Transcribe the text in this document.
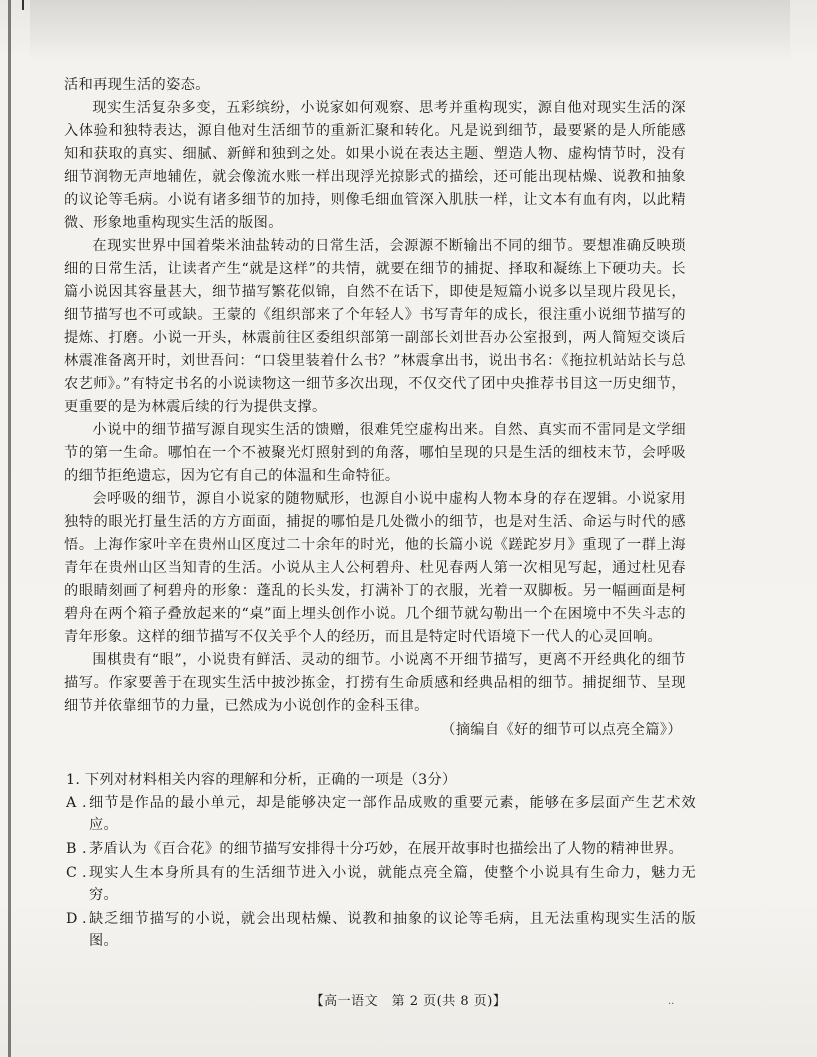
活和再现生活的姿态。

现实生活复杂多变，五彩缤纷，小说家如何观察、思考并重构现实，源自他对现实生活的深入体验和独特表达，源自他对生活细节的重新汇聚和转化。凡是说到细节，最要紧的是人所能感知和获取的真实、细腻、新鲜和独到之处。如果小说在表达主题、塑造人物、虚构情节时，没有细节润物无声地辅佐，就会像流水账一样出现浮光掠影式的描绘，还可能出现枯燥、说教和抽象的议论等毛病。小说有诸多细节的加持，则像毛细血管深入肌肤一样，让文本有血有肉，以此精微、形象地重构现实生活的版图。

在现实世界中国着柴米油盐转动的日常生活，会源源不断输出不同的细节。要想准确反映琐细的日常生活，让读者产生“就是这样”的共情，就要在细节的捕捉、择取和凝练上下硬功夫。长篇小说因其容量甚大，细节描写繁花似锦，自然不在话下，即使是短篇小说多以呈现片段见长，细节描写也不可或缺。王蒙的《组织部来了个年轻人》书写青年的成长，很注重小说细节描写的提炼、打磨。小说一开头，林震前往区委组织部第一副部长刘世吾办公室报到，两人简短交谈后林震准备离开时，刘世吾问：“口袋里装着什么书？”林震拿出书，说出书名：《拖拉机站站长与总农艺师》。”有特定书名的小说读物这一细节多次出现，不仅交代了团中央推荐书目这一历史细节，更重要的是为林震后续的行为提供支撑。

小说中的细节描写源自现实生活的馈赠，很难凭空虚构出来。自然、真实而不雷同是文学细节的第一生命。哪怕在一个不被聚光灯照射到的角落，哪怕呈现的只是生活的细枝末节，会呼吸的细节拒绝遗忘，因为它有自己的体温和生命特征。

会呼吸的细节，源自小说家的随物赋形，也源自小说中虚构人物本身的存在逻辑。小说家用独特的眼光打量生活的方方面面，捕捉的哪怕是几处微小的细节，也是对生活、命运与时代的感悟。上海作家叶辛在贵州山区度过二十余年的时光，他的长篇小说《蹉跎岁月》重现了一群上海青年在贵州山区当知青的生活。小说从主人公柯碧舟、杜见春两人第一次相见写起，通过杜见春的眼睛刻画了柯碧舟的形象：蓬乱的长头发，打满补丁的衣服，光着一双脚板。另一幅画面是柯碧舟在两个箱子叠放起来的“桌”面上埋头创作小说。几个细节就勾勒出一个在困境中不失斗志的青年形象。这样的细节描写不仅关乎个人的经历，而且是特定时代语境下一代人的心灵回响。

围棋贵有“眼”，小说贵有鲜活、灵动的细节。小说离不开细节描写，更离不开经典化的细节描写。作家要善于在现实生活中披沙拣金，打捞有生命质感和经典品相的细节。捕捉细节、呈现细节并依靠细节的力量，已然成为小说创作的金科玉律。

（摘编自《好的细节可以点亮全篇》）

1. 下列对材料相关内容的理解和分析，正确的一项是（3分）

A . 细节是作品的最小单元，却是能够决定一部作品成败的重要元素，能够在多层面产生艺术效应。
B . 茅盾认为《百合花》的细节描写安排得十分巧妙，在展开故事时也描绘出了人物的精神世界。
C . 现实人生本身所具有的生活细节进入小说，就能点亮全篇，使整个小说具有生命力，魅力无穷。
D . 缺乏细节描写的小说，就会出现枯燥、说教和抽象的议论等毛病，且无法重构现实生活的版图。
【高一语文　第 2 页(共 8 页)】	..
